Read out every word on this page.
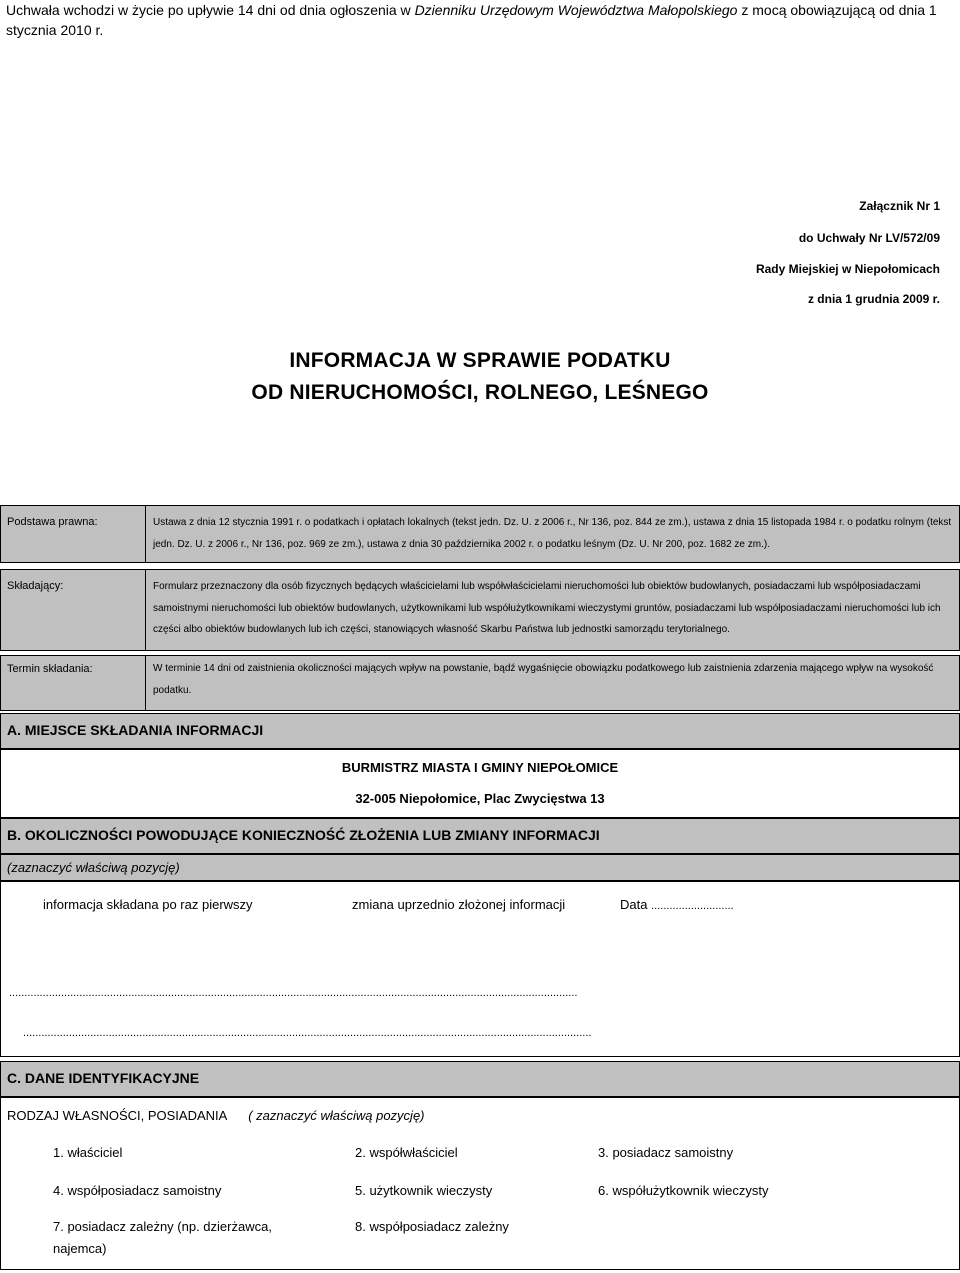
Uchwała wchodzi w życie po upływie 14 dni od dnia ogłoszenia w Dzienniku Urzędowym Województwa Małopolskiego z mocą obowiązującą od dnia 1 stycznia 2010 r.
Załącznik Nr 1
do Uchwały Nr LV/572/09
Rady Miejskiej w Niepołomicach
z dnia 1 grudnia 2009 r.
INFORMACJA W SPRAWIE PODATKU
OD NIERUCHOMOŚCI, ROLNEGO, LEŚNEGO
Podstawa prawna:	Ustawa z dnia 12 stycznia 1991 r. o podatkach i opłatach lokalnych (tekst jedn. Dz. U. z 2006 r., Nr 136, poz. 844 ze zm.), ustawa z dnia 15 listopada 1984 r. o podatku rolnym (tekst jedn. Dz. U. z 2006 r., Nr 136, poz. 969 ze zm.), ustawa z dnia 30 października 2002 r. o podatku leśnym (Dz. U. Nr 200, poz. 1682 ze zm.).
Składający:	Formularz przeznaczony dla osób fizycznych będących właścicielami lub współwłaścicielami nieruchomości lub obiektów budowlanych, posiadaczami lub współposiadaczami samoistnymi nieruchomości lub obiektów budowlanych, użytkownikami lub współużytkownikami wieczystymi gruntów, posiadaczami lub współposiadaczami nieruchomości lub ich części albo obiektów budowlanych lub ich części, stanowiących własność Skarbu Państwa lub jednostki samorządu terytorialnego.
Termin składania:	W terminie 14 dni od zaistnienia okoliczności mających wpływ na powstanie, bądź wygaśnięcie obowiązku podatkowego lub zaistnienia zdarzenia mającego wpływ na wysokość podatku.
A. MIEJSCE SKŁADANIA INFORMACJI
BURMISTRZ MIASTA I GMINY NIEPOŁOMICE
32-005 Niepołomice, Plac Zwycięstwa 13
B. OKOLICZNOŚCI POWODUJĄCE KONIECZNOŚĆ ZŁOŻENIA LUB ZMIANY INFORMACJI
(zaznaczyć właściwą pozycję)
informacja składana po raz pierwszy	zmiana uprzednio złożonej informacji	Data ...........................
..........................................................................................................................................................................................
..........................................................................................................................................................................................
C. DANE IDENTYFIKACYJNE
RODZAJ WŁASNOŚCI, POSIADANIA ( zaznaczyć właściwą pozycję)
1. właściciel	2. współwłaściciel	3. posiadacz samoistny
4. współposiadacz samoistny	5. użytkownik wieczysty	6. współużytkownik wieczysty
7. posiadacz zależny (np. dzierżawca,
najemca)
8. współposiadacz zależny
